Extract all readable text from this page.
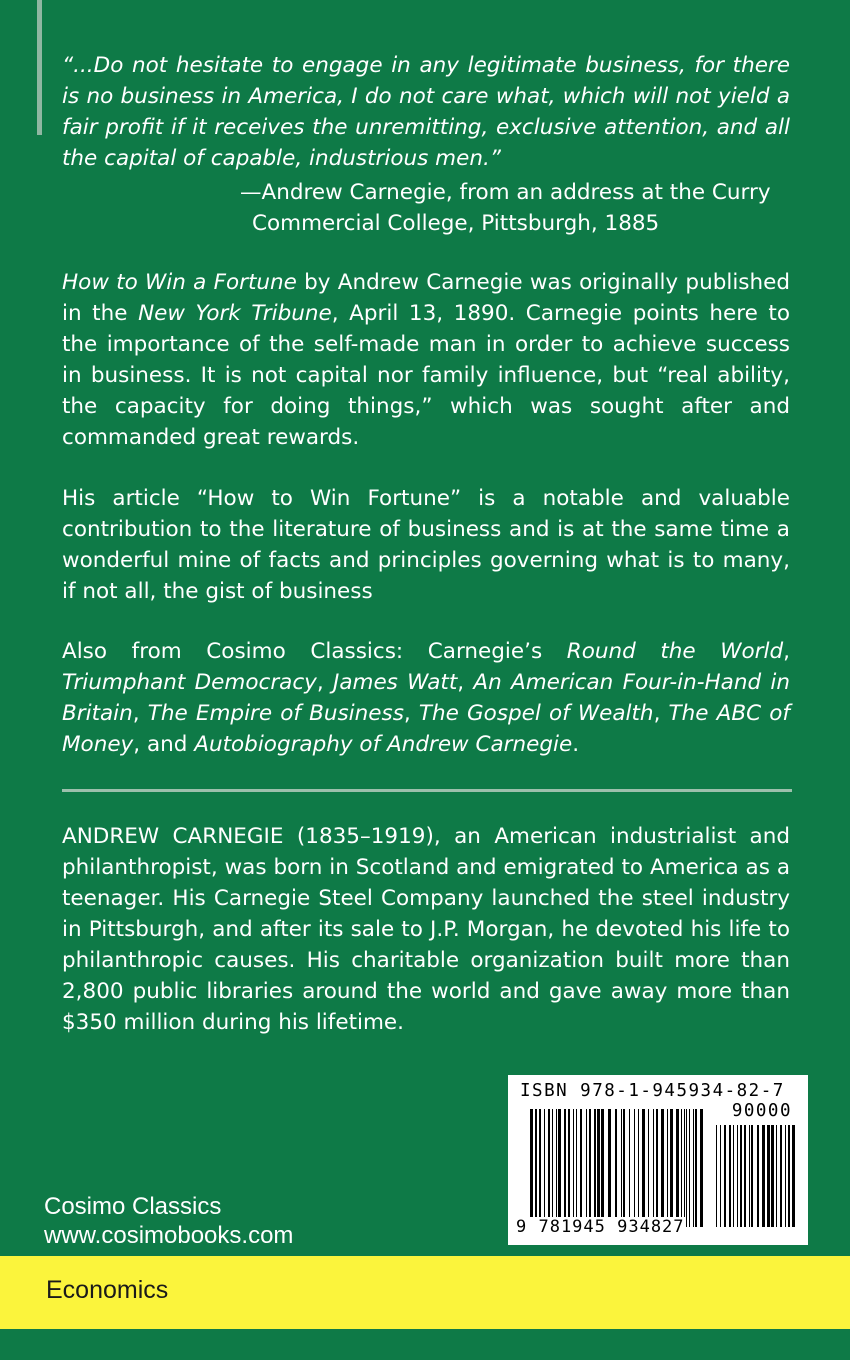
“...Do not hesitate to engage in any legitimate business, for there is no business in America, I do not care what, which will not yield a fair profit if it receives the unremitting, exclusive attention, and all the capital of capable, industrious men.”
—Andrew Carnegie, from an address at the Curry Commercial College, Pittsburgh, 1885
How to Win a Fortune by Andrew Carnegie was originally published in the New York Tribune, April 13, 1890. Carnegie points here to the importance of the self-made man in order to achieve success in business. It is not capital nor family influence, but “real ability, the capacity for doing things,” which was sought after and commanded great rewards.
His article “How to Win Fortune” is a notable and valuable contribution to the literature of business and is at the same time a wonderful mine of facts and principles governing what is to many, if not all, the gist of business
Also from Cosimo Classics: Carnegie’s Round the World, Triumphant Democracy, James Watt, An American Four-in-Hand in Britain, The Empire of Business, The Gospel of Wealth, The ABC of Money, and Autobiography of Andrew Carnegie.
ANDREW CARNEGIE (1835–1919), an American industrialist and philanthropist, was born in Scotland and emigrated to America as a teenager. His Carnegie Steel Company launched the steel industry in Pittsburgh, and after its sale to J.P. Morgan, he devoted his life to philanthropic causes. His charitable organization built more than 2,800 public libraries around the world and gave away more than $350 million during his lifetime.
Cosimo Classics
www.cosimobooks.com
ISBN 978-1-945934-82-7
90000
9 781945 934827
Economics
